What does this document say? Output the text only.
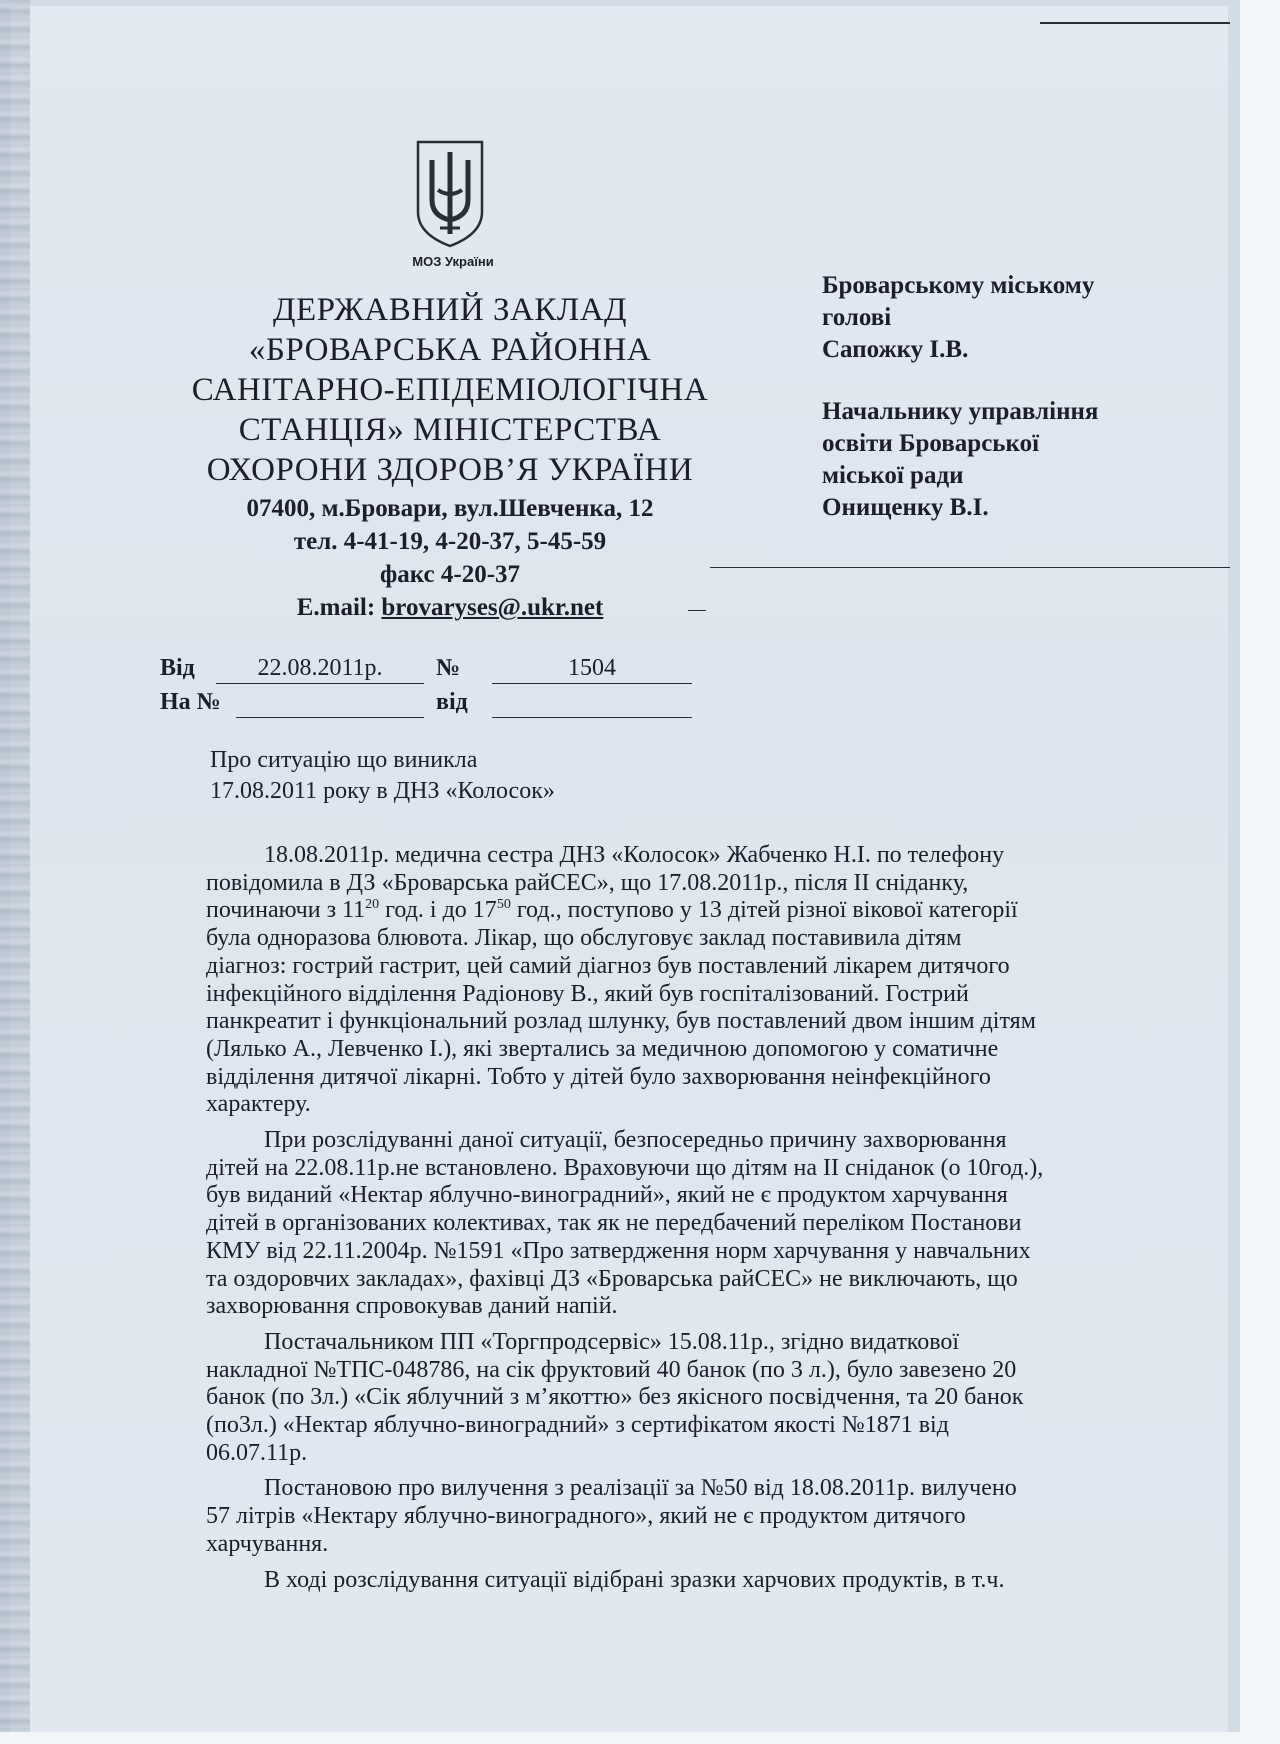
МОЗ України
ДЕРЖАВНИЙ ЗАКЛАД
«БРОВАРСЬКА РАЙОННА
САНІТАРНО-ЕПІДЕМІОЛОГІЧНА
СТАНЦІЯ» МІНІСТЕРСТВА
ОХОРОНИ ЗДОРОВ’Я УКРАЇНИ
07400, м.Бровари, вул.Шевченка, 12
тел. 4-41-19, 4-20-37, 5-45-59
факс 4-20-37
E.mail: brovaryses@.ukr.net
Броварському міському
голові
Сапожку І.В.
Начальнику управління
освіти Броварської
міської ради
Онищенку В.І.
Від	22.08.2011р. №	1504
На №	від
Про ситуацію що виникла
17.08.2011 року в ДНЗ «Колосок»

18.08.2011р. медична сестра ДНЗ «Колосок» Жабченко Н.І. по телефону

повідомила в ДЗ «Броварська райСЕС», що 17.08.2011р., після ІІ сніданку,

починаючи з $11^{20}$ год. і до $17^{50}$ год., поступово у 13 дітей різної вікової категорії

була одноразова блювота. Лікар, що обслуговує заклад поставивила дітям

діагноз: гострий гастрит, цей самий діагноз був поставлений лікарем дитячого

інфекційного відділення Радіонову В., який був госпіталізований. Гострий

панкреатит і функціональний розлад шлунку, був поставлений двом іншим дітям

(Лялько А., Левченко І.), які звертались за медичною допомогою у соматичне

відділення дитячої лікарні. Тобто у дітей було захворювання неінфекційного

характеру.

При розслідуванні даної ситуації, безпосередньо причину захворювання

дітей на 22.08.11р.не встановлено. Враховуючи що дітям на ІІ сніданок (о 10год.),

був виданий «Нектар яблучно-виноградний», який не є продуктом харчування

дітей в організованих колективах, так як не передбачений переліком Постанови

КМУ від 22.11.2004р. №1591 «Про затвердження норм харчування у навчальних

та оздоровчих закладах», фахівці ДЗ «Броварська райСЕС» не виключають, що

захворювання спровокував даний напій.

Постачальником ПП «Торгпродсервіс» 15.08.11р., згідно видаткової

накладної №ТПС-048786, на сік фруктовий 40 банок (по 3 л.), було завезено 20

банок (по 3л.) «Сік яблучний з м’якоттю» без якісного посвідчення, та 20 банок

(по3л.) «Нектар яблучно-виноградний» з сертифікатом якості №1871 від

06.07.11р.

Постановою про вилучення з реалізації за №50 від 18.08.2011р. вилучено

57 літрів «Нектару яблучно-виноградного», який не є продуктом дитячого

харчування.

В ході розслідування ситуації відібрані зразки харчових продуктів, в т.ч.
